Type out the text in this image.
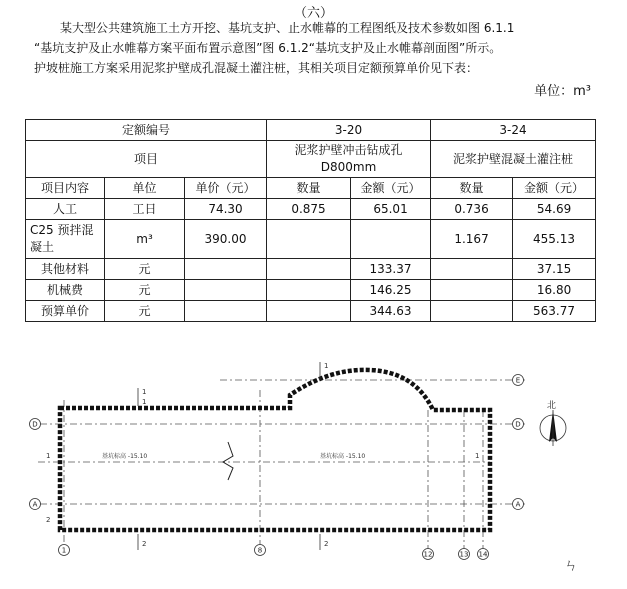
（六）
某大型公共建筑施工土方开挖、基坑支护、止水帷幕的工程图纸及技术参数如图 6.1.1
“基坑支护及止水帷幕方案平面布置示意图”图 6.1.2“基坑支护及止水帷幕剖面图”所示。
护坡桩施工方案采用泥浆护壁成孔混凝土灌注桩，其相关项目定额预算单价见下表：
单位：m³
定额编号			3-20		3-24	
项目			泥浆护壁冲击钻成孔 D800mm		泥浆护壁混凝土灌注桩	
项目内容	单位	单价（元）	数量	金额（元）	数量	金额（元）
人工	工日	74.30	0.875	65.01	0.736	54.69
C25 预拌混凝土	m³	390.00			1.167	455.13
其他材料	元			133.37		37.15
机械费	元			146.25		16.80
预算单价	元			344.63		563.77
1
1
1
1	1
2	2
2
基坑标高 -15.10	基坑标高 -15.10
E
D	D
A	A
1	8	12	13 14
北
ㄣ
